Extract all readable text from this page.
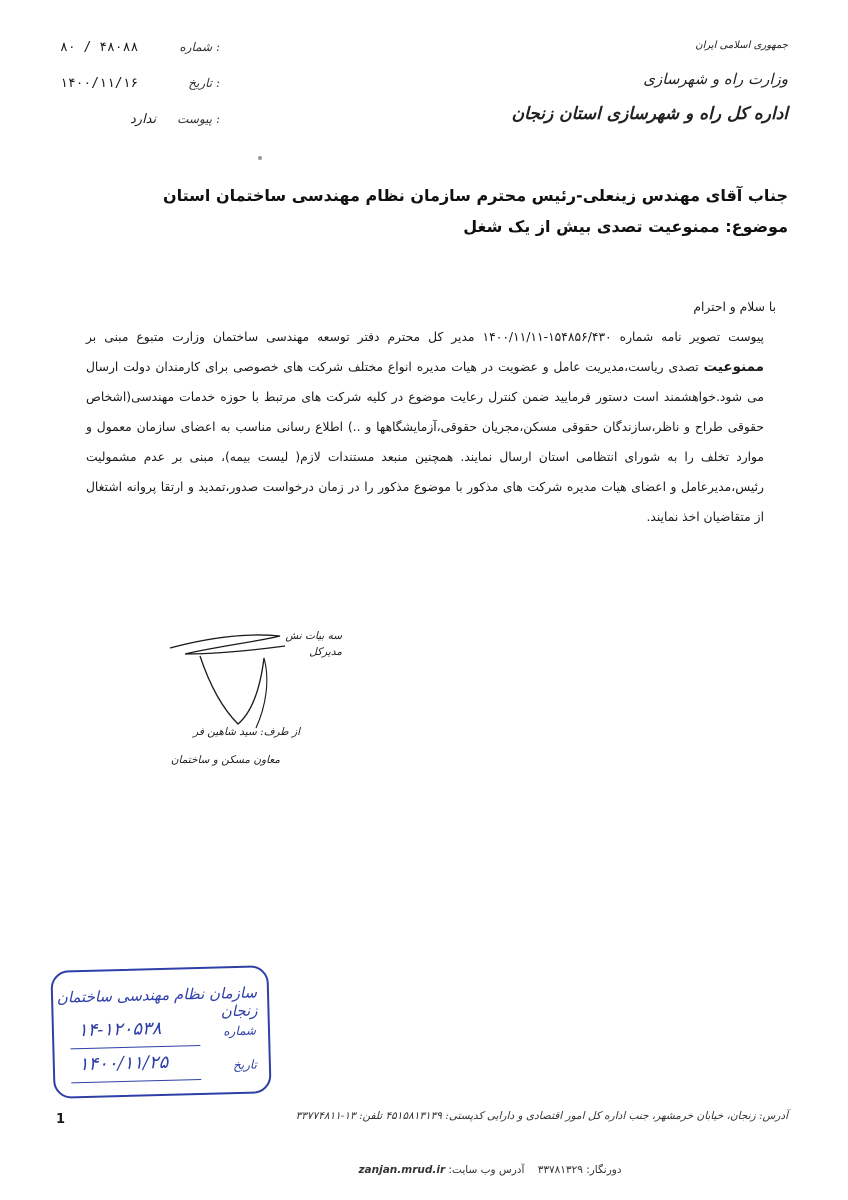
شماره :
۸۰ / ۴۸۰۸۸
تاریخ :
۱۴۰۰/۱۱/۱۶
پیوست :
ندارد
جمهوری اسلامی ایران
وزارت راه و شهرسازی
اداره کل راه و شهرسازی استان زنجان
جناب آقای مهندس زینعلی-رئیس محترم سازمان نظام مهندسی ساختمان استان
موضوع: ممنوعیت تصدی بیش از یک شغل

با سلام و احترام

پیوست تصویر نامه شماره ۱۵۴۸۵۶/۴۳۰-۱۴۰۰/۱۱/۱۱ مدیر کل محترم دفتر توسعه مهندسی ساختمان وزارت متبوع مبنی بر ممنوعیت تصدی ریاست،مدیریت عامل و عضویت در هیات مدیره انواع مختلف شرکت های خصوصی برای کارمندان دولت ارسال می شود.خواهشمند است دستور فرمایید ضمن کنترل رعایت موضوع در کلیه شرکت های مرتبط با حوزه خدمات مهندسی(اشخاص حقوقی طراح و ناظر،سازندگان حقوقی مسکن،مجریان حقوقی،آزمایشگاهها و ..) اطلاع رسانی مناسب به اعضای سازمان معمول و موارد تخلف را به شورای انتظامی استان ارسال نمایند. همچنین منبعد مستندات لازم( لیست بیمه)، مبنی بر عدم مشمولیت رئیس،مدیرعامل و اعضای هیات مدیره شرکت های مذکور با موضوع مذکور را در زمان درخواست صدور،تمدید و ارتقا پروانه اشتغال از متقاضیان اخذ نمایند.

سه بیات نش مدیرکل
از طرف: سید شاهین فر
معاون مسکن و ساختمان
سازمان نظام مهندسی ساختمان زنجان
شماره
۱۴-۱۲۰۵۳۸
تاریخ
۱۴۰۰/۱۱/۲۵
1	آدرس: زنجان، خیابان خرمشهر، جنب اداره کل امور اقتصادی و دارایی کدپستی: ۴۵۱۵۸۱۳۱۳۹ تلفن: ۱۳-۳۳۷۷۴۸۱۱
دورنگار: ۳۳۷۸۱۳۲۹    آدرس وب سایت: zanjan.mrud.ir
